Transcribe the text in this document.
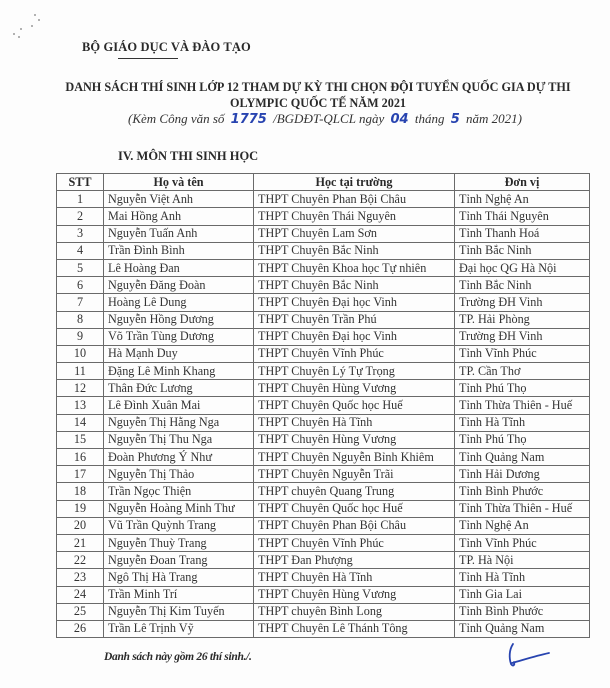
BỘ GIÁO DỤC VÀ ĐÀO TẠO
DANH SÁCH THÍ SINH LỚP 12 THAM DỰ KỲ THI CHỌN ĐỘI TUYỂN QUỐC GIA DỰ THI
OLYMPIC QUỐC TẾ NĂM 2021
(Kèm Công văn số 1775 /BGDĐT-QLCL ngày 04 tháng 5 năm 2021)
IV. MÔN THI SINH HỌC
STT	Họ và tên	Học tại trường	Đơn vị
1	Nguyễn Việt Anh	THPT Chuyên Phan Bội Châu	Tỉnh Nghệ An
2	Mai Hồng Anh	THPT Chuyên Thái Nguyên	Tỉnh Thái Nguyên
3	Nguyễn Tuấn Anh	THPT Chuyên Lam Sơn	Tỉnh Thanh Hoá
4	Trần Đình Bình	THPT Chuyên Bắc Ninh	Tỉnh Bắc Ninh
5	Lê Hoàng Đan	THPT Chuyên Khoa học Tự nhiên	Đại học QG Hà Nội
6	Nguyễn Đăng Đoàn	THPT Chuyên Bắc Ninh	Tỉnh Bắc Ninh
7	Hoàng Lê Dung	THPT Chuyên Đại học Vinh	Trường ĐH Vinh
8	Nguyễn Hồng Dương	THPT Chuyên Trần Phú	TP. Hải Phòng
9	Võ Trần Tùng Dương	THPT Chuyên Đại học Vinh	Trường ĐH Vinh
10	Hà Mạnh Duy	THPT Chuyên Vĩnh Phúc	Tỉnh Vĩnh Phúc
11	Đặng Lê Minh Khang	THPT Chuyên Lý Tự Trọng	TP. Cần Thơ
12	Thân Đức Lương	THPT Chuyên Hùng Vương	Tỉnh Phú Thọ
13	Lê Đình Xuân Mai	THPT Chuyên Quốc học Huế	Tỉnh Thừa Thiên - Huế
14	Nguyễn Thị Hằng Nga	THPT Chuyên Hà Tĩnh	Tỉnh Hà Tĩnh
15	Nguyễn Thị Thu Nga	THPT Chuyên Hùng Vương	Tỉnh Phú Thọ
16	Đoàn Phương Ý Như	THPT Chuyên Nguyễn Bỉnh Khiêm	Tỉnh Quảng Nam
17	Nguyễn Thị Thảo	THPT Chuyên Nguyễn Trãi	Tỉnh Hải Dương
18	Trần Ngọc Thiện	THPT chuyên Quang Trung	Tỉnh Bình Phước
19	Nguyễn Hoàng Minh Thư	THPT Chuyên Quốc học Huế	Tỉnh Thừa Thiên - Huế
20	Vũ Trần Quỳnh Trang	THPT Chuyên Phan Bội Châu	Tỉnh Nghệ An
21	Nguyễn Thuỳ Trang	THPT Chuyên Vĩnh Phúc	Tỉnh Vĩnh Phúc
22	Nguyễn Đoan Trang	THPT Đan Phượng	TP. Hà Nội
23	Ngô Thị Hà Trang	THPT Chuyên Hà Tĩnh	Tỉnh Hà Tĩnh
24	Trần Minh Trí	THPT Chuyên Hùng Vương	Tỉnh Gia Lai
25	Nguyễn Thị Kim Tuyến	THPT chuyên Bình Long	Tỉnh Bình Phước
26	Trần Lê Trịnh Vỹ	THPT Chuyên Lê Thánh Tông	Tỉnh Quảng Nam
Danh sách này gồm 26 thí sinh./.
